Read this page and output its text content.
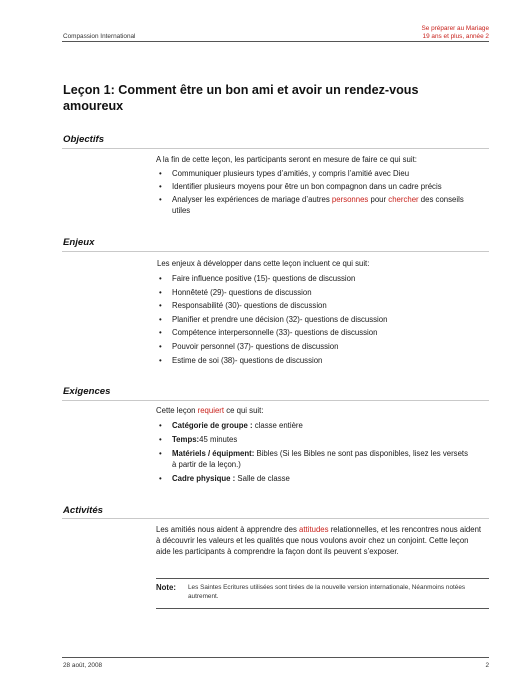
Compassion International
Se préparer au Mariage
19 ans et plus, année 2
Leçon 1: Comment être un bon ami et avoir un rendez-vous amoureux
Objectifs

A la fin de cette leçon, les participants seront en mesure de faire ce qui suit:

• Communiquer plusieurs types d’amitiés, y compris l’amitié avec Dieu
• Identifier plusieurs moyens pour être un bon compagnon dans un cadre précis
• Analyser les expériences de mariage d’autres personnes pour chercher des conseils utiles
Enjeux

Les enjeux à développer dans cette leçon incluent ce qui suit:

• Faire influence positive (15)- questions de discussion
• Honnêteté (29)- questions de discussion
• Responsabilité (30)- questions de discussion
• Planifier et prendre une décision (32)- questions de discussion
• Compétence interpersonnelle (33)- questions de discussion
• Pouvoir personnel (37)- questions de discussion
• Estime de soi (38)- questions de discussion
Exigences

Cette leçon requiert ce qui suit:

• Catégorie de groupe : classe entière
• Temps:45 minutes
• Matériels / équipment: Bibles (Si les Bibles ne sont pas disponibles, lisez les versets à partir de la leçon.)
• Cadre physique : Salle de classe
Activités

Les amitiés nous aident à apprendre des attitudes relationnelles, et les rencontres nous aident à découvrir les valeurs et les qualités que nous voulons avoir chez un conjoint. Cette leçon aide les participants à comprendre la façon dont ils peuvent s’exposer.

Note: Les Saintes Ecritures utilisées sont tirées de la nouvelle version internationale, Néanmoins notées autrement.
28 août, 2008	2
